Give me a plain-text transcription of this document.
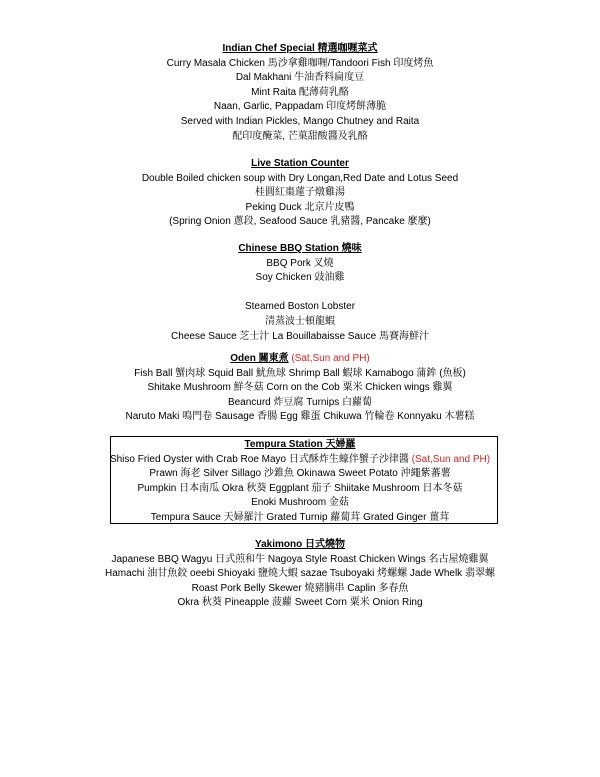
Indian Chef Special 精選咖喱菜式
Curry Masala Chicken 馬沙拿雞咖喱/Tandoori Fish 印度烤魚
Dal Makhani 牛油香料扁度豆
Mint Raita 配薄荷乳酪
Naan, Garlic, Pappadam 印度烤餅薄脆
Served with Indian Pickles, Mango Chutney and Raita
配印度醃菜, 芒菓甜酸醬及乳酪
Live Station Counter
Double Boiled chicken soup with Dry Longan,Red Date and Lotus Seed
桂圓紅棗蓮子燉雞湯
Peking Duck 北京片皮鴨
(Spring Onion 蔥段, Seafood Sauce 乳豬醬, Pancake 麼麼)
Chinese BBQ Station 燒味
BBQ Pork 叉燒
Soy Chicken 豉油雞
Steamed Boston Lobster
清蒸波士頓龍蝦
Cheese Sauce 芝士汁 La Bouillabaisse Sauce 馬賽海鮮汁
Oden 關東煮 (Sat,Sun and PH)
Fish Ball 蟹肉球 Squid Ball 魷魚球 Shrimp Ball 蝦球 Kamabogo 蒲鉾 (魚板)
Shitake Mushroom 鮮冬菇 Corn on the Cob 粟米 Chicken wings 雞翼
Beancurd 炸豆腐 Turnips 白蘿蔔
Naruto Maki 鳴門卷 Sausage 香腸 Egg 雞蛋 Chikuwa 竹輪卷 Konnyaku 木薯糕
Tempura Station 天婦羅
Shiso Fried Oyster with Crab Roe Mayo 日式酥炸生蠔伴蟹子沙律醬 (Sat,Sun and PH)
Prawn 海老 Silver Sillago 沙錐魚 Okinawa Sweet Potato 沖繩紫蕃薯
Pumpkin 日本南瓜 Okra 秋葵 Eggplant 茄子 Shiitake Mushroom 日本冬菇
Enoki Mushroom 金菇
Tempura Sauce 天婦羅汁 Grated Turnip 蘿蔔茸 Grated Ginger 薑茸
Yakimono 日式燒物
Japanese BBQ Wagyu 日式煎和牛 Nagoya Style Roast Chicken Wings 名古屋燒雞翼
Hamachi 油甘魚鉸 oeebi Shioyaki 鹽燒大蝦 sazae Tsuboyaki 烤螺螺 Jade Whelk 翡翠螺
Roast Pork Belly Skewer 燒豬腩串 Caplin 多春魚
Okra 秋葵 Pineapple 菠蘿 Sweet Corn 粟米 Onion Ring
